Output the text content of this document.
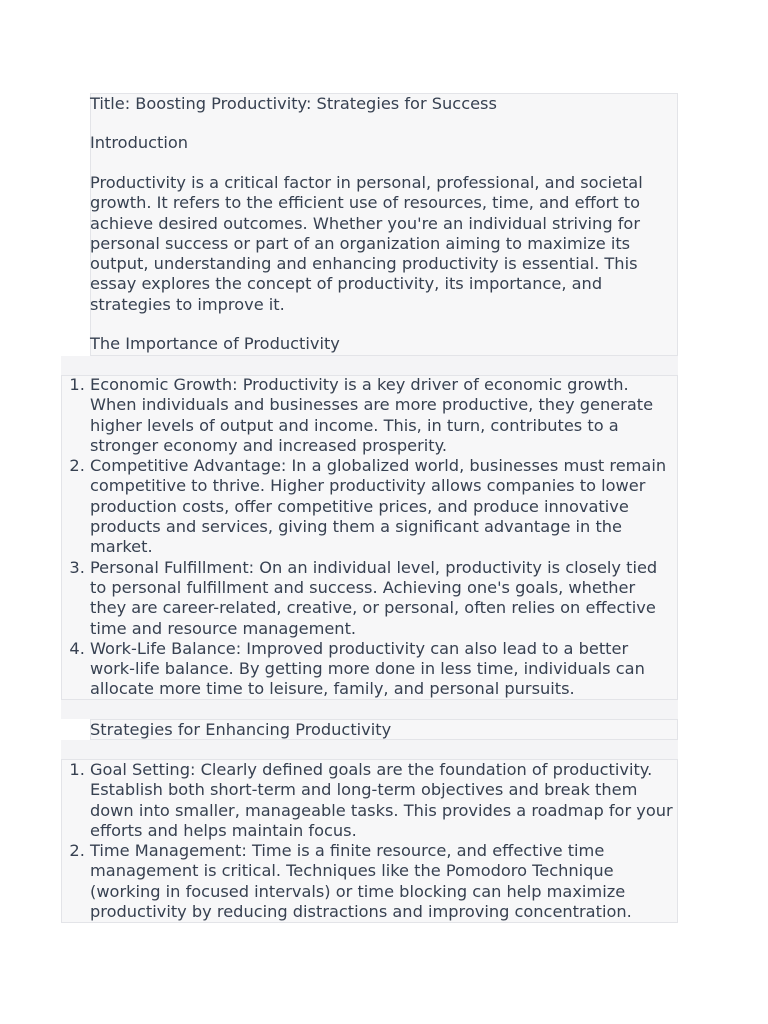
Title: Boosting Productivity: Strategies for Success

Introduction

Productivity is a critical factor in personal, professional, and societal growth. It refers to the efficient use of resources, time, and effort to achieve desired outcomes. Whether you're an individual striving for personal success or part of an organization aiming to maximize its output, understanding and enhancing productivity is essential. This essay explores the concept of productivity, its importance, and strategies to improve it.

The Importance of Productivity

1. Economic Growth: Productivity is a key driver of economic growth. When individuals and businesses are more productive, they generate higher levels of output and income. This, in turn, contributes to a stronger economy and increased prosperity.
2. Competitive Advantage: In a globalized world, businesses must remain competitive to thrive. Higher productivity allows companies to lower production costs, offer competitive prices, and produce innovative products and services, giving them a significant advantage in the market.
3. Personal Fulfillment: On an individual level, productivity is closely tied to personal fulfillment and success. Achieving one's goals, whether they are career-related, creative, or personal, often relies on effective time and resource management.
4. Work-Life Balance: Improved productivity can also lead to a better work-life balance. By getting more done in less time, individuals can allocate more time to leisure, family, and personal pursuits.

Strategies for Enhancing Productivity

1. Goal Setting: Clearly defined goals are the foundation of productivity. Establish both short-term and long-term objectives and break them down into smaller, manageable tasks. This provides a roadmap for your efforts and helps maintain focus.
2. Time Management: Time is a finite resource, and effective time management is critical. Techniques like the Pomodoro Technique (working in focused intervals) or time blocking can help maximize productivity by reducing distractions and improving concentration.
